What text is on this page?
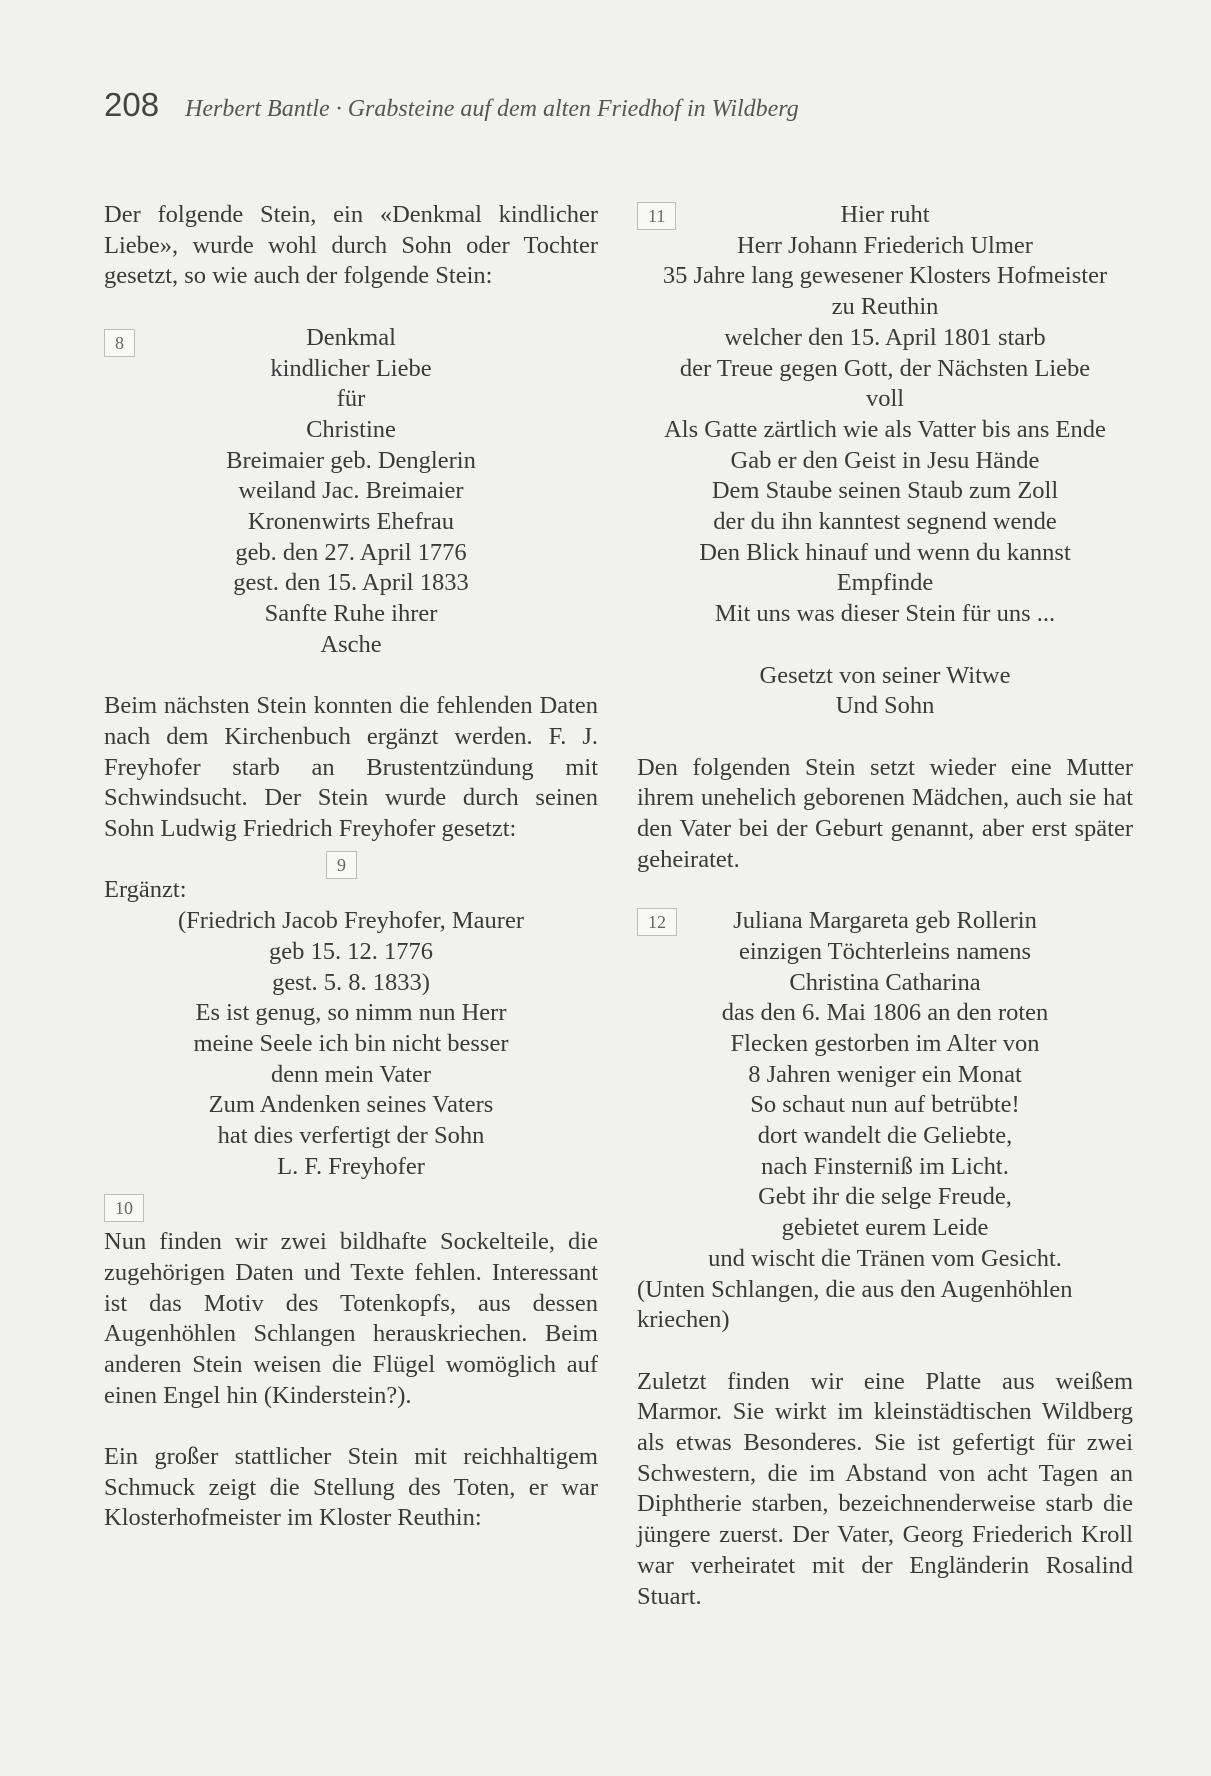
208 Herbert Bantle · Grabsteine auf dem alten Friedhof in Wildberg

Der folgende Stein, ein «Denkmal kindlicher Liebe», wurde wohl durch Sohn oder Tochter gesetzt, so wie auch der folgende Stein:

8	Denkmal
kindlicher Liebe
für
Christine
Breimaier geb. Denglerin
weiland Jac. Breimaier
Kronenwirts Ehefrau
geb. den 27. April 1776
gest. den 15. April 1833
Sanfte Ruhe ihrer
Asche

Beim nächsten Stein konnten die fehlenden Daten nach dem Kirchenbuch ergänzt werden. F. J. Freyhofer starb an Brustentzündung mit Schwindsucht. Der Stein wurde durch seinen Sohn Ludwig Friedrich Freyhofer gesetzt:

Ergänzt:
9
(Friedrich Jacob Freyhofer, Maurer
geb 15. 12. 1776
gest. 5. 8. 1833)
Es ist genug, so nimm nun Herr
meine Seele ich bin nicht besser
denn mein Vater
Zum Andenken seines Vaters
hat dies verfertigt der Sohn
L. F. Freyhofer
10

Nun finden wir zwei bildhafte Sockelteile, die zugehörigen Daten und Texte fehlen. Interessant ist das Motiv des Totenkopfs, aus dessen Augenhöhlen Schlangen herauskriechen. Beim anderen Stein weisen die Flügel womöglich auf einen Engel hin (Kinderstein?).

Ein großer stattlicher Stein mit reichhaltigem Schmuck zeigt die Stellung des Toten, er war Klosterhofmeister im Kloster Reuthin:

11	Hier ruht
Herr Johann Friederich Ulmer
35 Jahre lang gewesener Klosters Hofmeister
zu Reuthin
welcher den 15. April 1801 starb
der Treue gegen Gott, der Nächsten Liebe
voll
Als Gatte zärtlich wie als Vatter bis ans Ende
Gab er den Geist in Jesu Hände
Dem Staube seinen Staub zum Zoll
der du ihn kanntest segnend wende
Den Blick hinauf und wenn du kannst
Empfinde
Mit uns was dieser Stein für uns ...

Gesetzt von seiner Witwe
Und Sohn

Den folgenden Stein setzt wieder eine Mutter ihrem unehelich geborenen Mädchen, auch sie hat den Vater bei der Geburt genannt, aber erst später geheiratet.

12	Juliana Margareta geb Rollerin
einzigen Töchterleins namens
Christina Catharina
das den 6. Mai 1806 an den roten
Flecken gestorben im Alter von
8 Jahren weniger ein Monat
So schaut nun auf betrübte!
dort wandelt die Geliebte,
nach Finsterniß im Licht.
Gebt ihr die selge Freude,
gebietet eurem Leide
und wischt die Tränen vom Gesicht.

(Unten Schlangen, die aus den Augenhöhlen kriechen)

Zuletzt finden wir eine Platte aus weißem Marmor. Sie wirkt im kleinstädtischen Wildberg als etwas Besonderes. Sie ist gefertigt für zwei Schwestern, die im Abstand von acht Tagen an Diphtherie starben, bezeichnenderweise starb die jüngere zuerst. Der Vater, Georg Friederich Kroll war verheiratet mit der Engländerin Rosalind Stuart.
